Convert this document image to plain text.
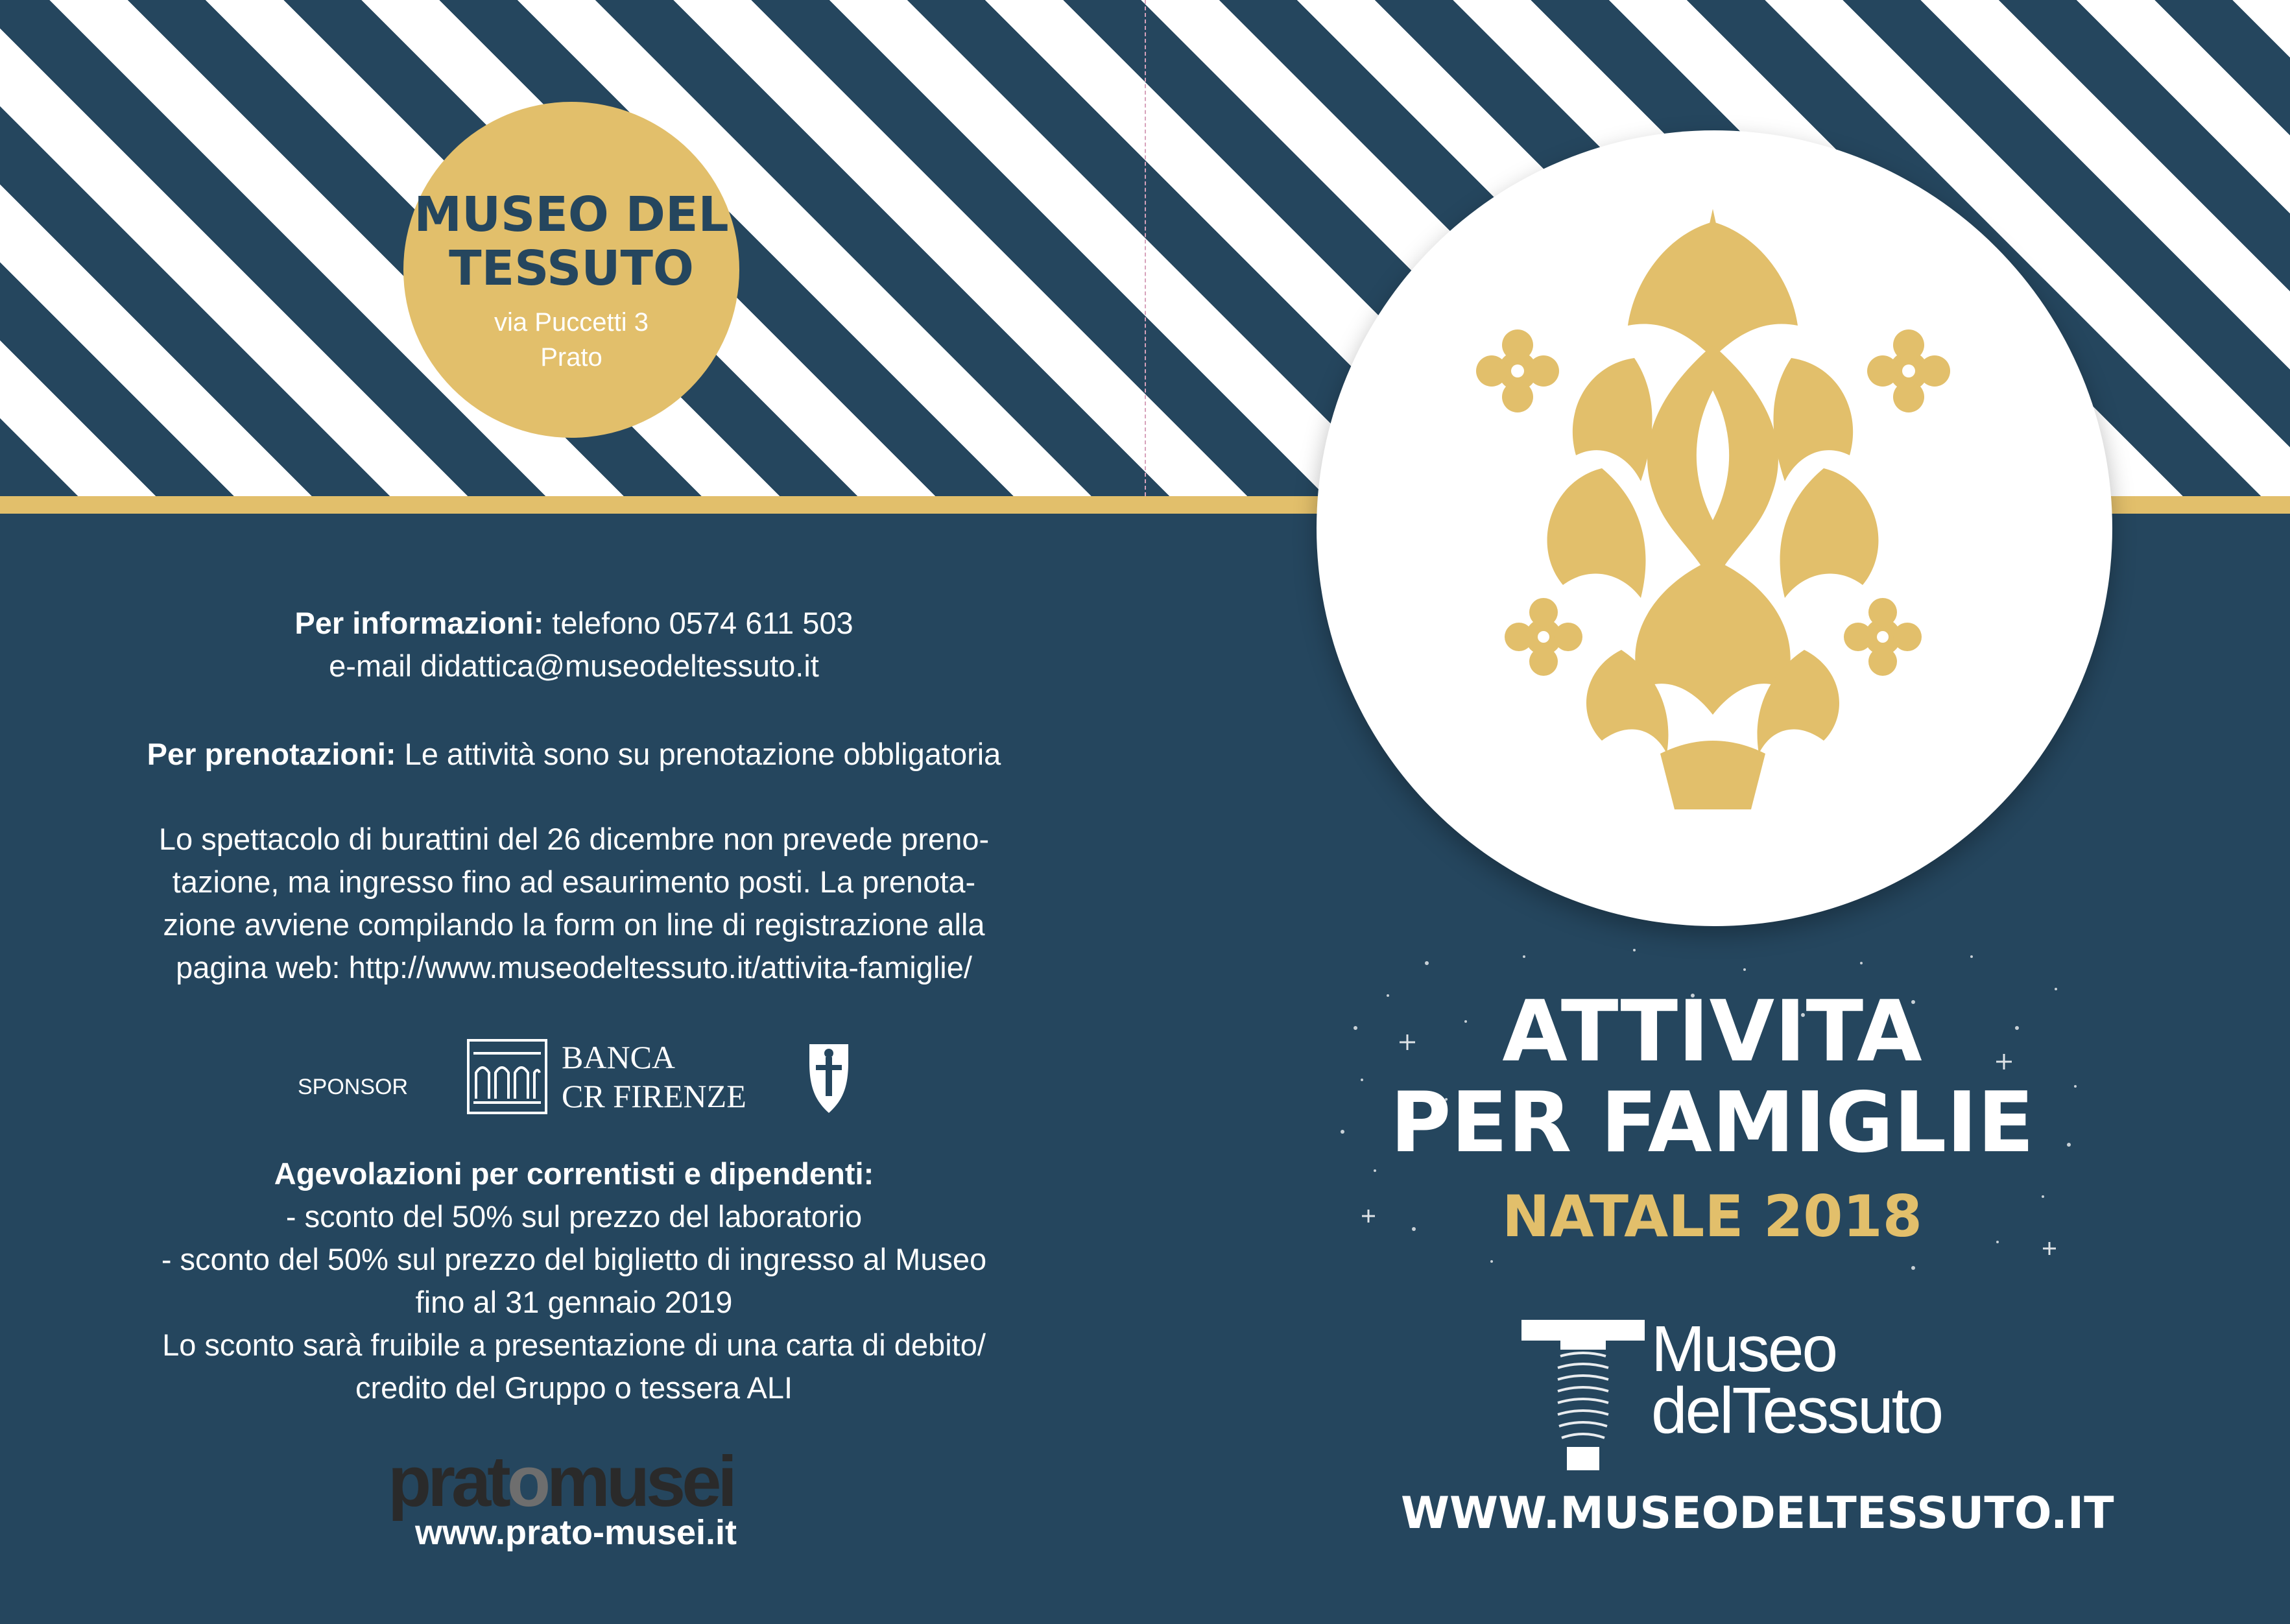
MUSEO DEL
TESSUTO
via Puccetti 3
Prato
Per informazioni: telefono 0574 611 503
e-mail didattica@museodeltessuto.it
Per prenotazioni: Le attività sono su prenotazione obbligatoria
Lo spettacolo di burattini del 26 dicembre non prevede preno-
tazione, ma ingresso fino ad esaurimento posti. La prenota-
zione avviene compilando la form on line di registrazione alla
pagina web: http://www.museodeltessuto.it/attivita-famiglie/
SPONSOR
BANCA
CR FIRENZE
Agevolazioni per correntisti e dipendenti:
- sconto del 50% sul prezzo del laboratorio
- sconto del 50% sul prezzo del biglietto di ingresso al Museo
fino al 31 gennaio 2019
Lo sconto sarà fruibile a presentazione di una carta di debito/
credito del Gruppo o tessera ALI
pratomusei
www.prato-musei.it
ATTIVITA
PER FAMIGLIE
NATALE 2018
Museo
delTessuto
WWW.MUSEODELTESSUTO.IT
